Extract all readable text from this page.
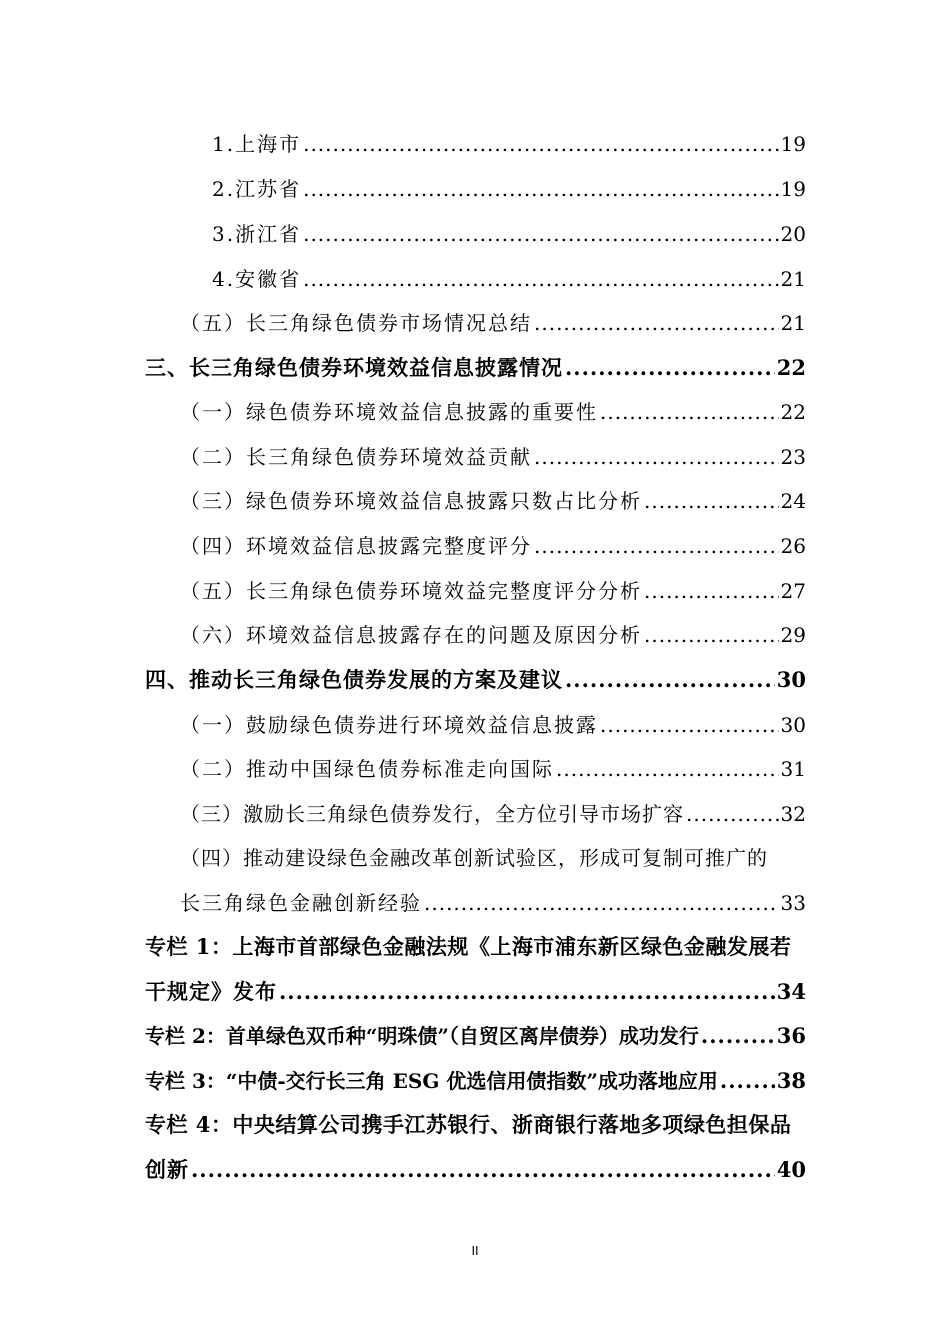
1.上海市 .....	19
2.江苏省 .....	19
3.浙江省 .....	20
4.安徽省 .....	21
（五）长三角绿色债券市场情况总结 .....	21
三、长三角绿色债券环境效益信息披露情况 .....	22
（一）绿色债券环境效益信息披露的重要性 .....	22
（二）长三角绿色债券环境效益贡献 .....	23
（三）绿色债券环境效益信息披露只数占比分析 .....	24
（四）环境效益信息披露完整度评分 .....	26
（五）长三角绿色债券环境效益完整度评分分析 .....	27
（六）环境效益信息披露存在的问题及原因分析 .....	29
四、推动长三角绿色债券发展的方案及建议 .....	30
（一）鼓励绿色债券进行环境效益信息披露 .....	30
（二）推动中国绿色债券标准走向国际 .....	31
（三）激励长三角绿色债券发行，全方位引导市场扩容 .....	32
（四）推动建设绿色金融改革创新试验区，形成可复制可推广的
长三角绿色金融创新经验 .....	33
专栏 1：上海市首部绿色金融法规《上海市浦东新区绿色金融发展若
干规定》发布 .....	34
专栏 2：首单绿色双币种“明珠债”（自贸区离岸债券）成功发行 .....	36
专栏 3：“中债-交行长三角 ESG 优选信用债指数”成功落地应用 .....	38
专栏 4：中央结算公司携手江苏银行、浙商银行落地多项绿色担保品
创新 .....	40
II
